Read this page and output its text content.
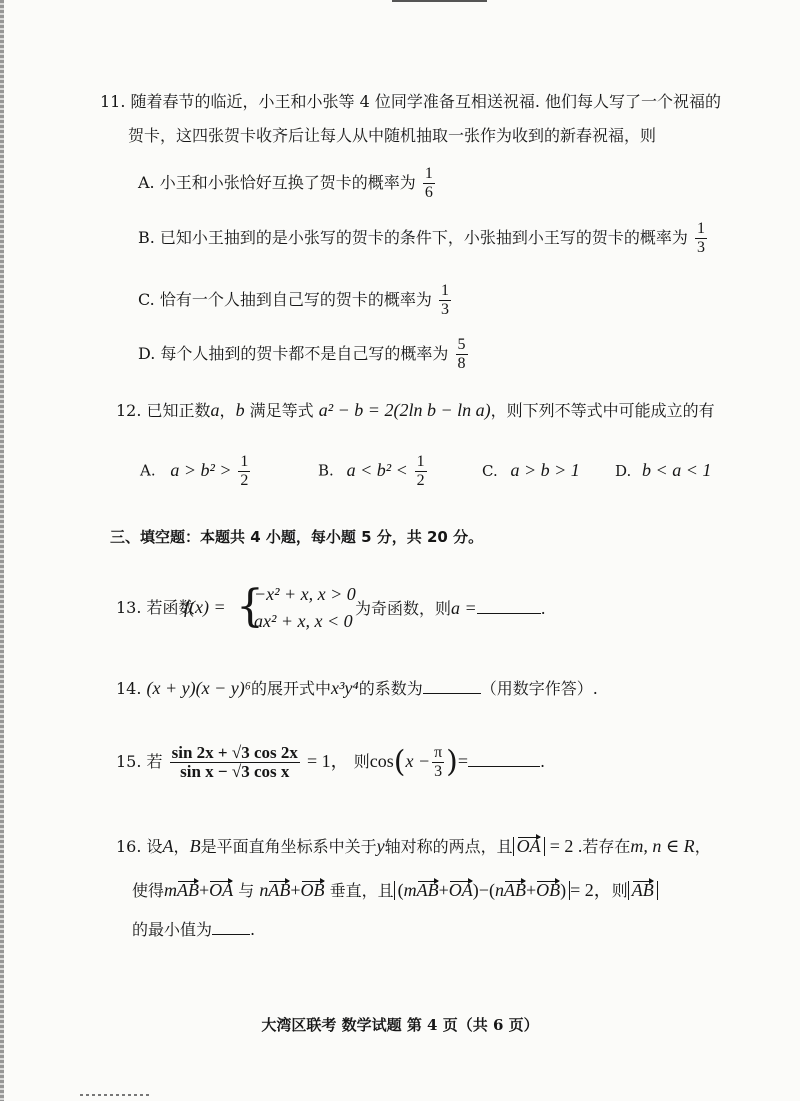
11. 随着春节的临近，小王和小张等 4 位同学准备互相送祝福. 他们每人写了一个祝福的
贺卡，这四张贺卡收齐后让每人从中随机抽取一张作为收到的新春祝福，则
A. 小王和小张恰好互换了贺卡的概率为 $\frac{1}{6}$
B. 已知小王抽到的是小张写的贺卡的条件下，小张抽到小王写的贺卡的概率为 $\frac{1}{3}$
C. 恰有一个人抽到自己写的贺卡的概率为 $\frac{1}{3}$
D. 每个人抽到的贺卡都不是自己写的概率为 $\frac{5}{8}$
12. 已知正数a，b 满足等式 a² − b = 2(2ln b − ln a)，则下列不等式中可能成立的有
A. $a > b^2 > \frac{1}{2}$	B. $a < b^2 < \frac{1}{2}$	C. a > b > 1 D. b < a < 1
三、填空题：本题共 4 小题，每小题 5 分，共 20 分。
13. 若函数
f(x) = {
−x² + x, x > 0
ax² + x, x < 0
为奇函数，则a =	.
14. (x + y)(x − y)⁶的展开式中x³y⁴的系数为	（用数字作答）.
15. 若 $\frac{\sin 2x + √3 \cos 2x}{\text{sin x − √3 cos x}} = 1$， 则$\cos(x - \frac{\pi}{3}$ )=	.
16. 设A，B是平面直角坐标系中关于y轴对称的两点，且 OA = 2 .若存在m, n ∈ R，
使得mAB+OA 与 nAB+OB 垂直，且 (mAB+OA)−(nAB+OB) = 2，则 AB
的最小值为 .
大湾区联考 数学试题 第 4 页（共 6 页）
